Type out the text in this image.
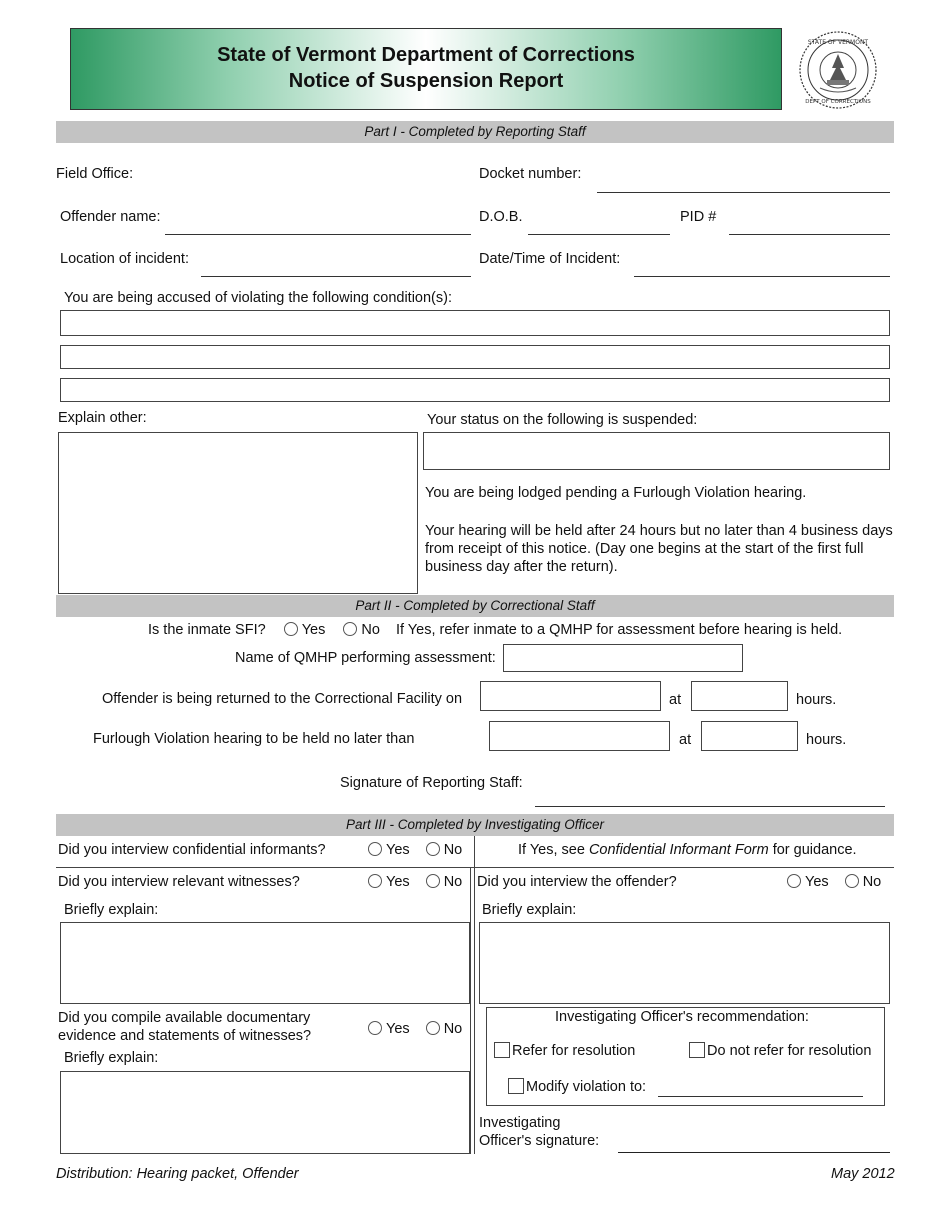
State of Vermont Department of Corrections
Notice of Suspension Report
STATE OF VERMONT
DEPT OF CORRECTIONS
Part I - Completed by Reporting Staff
Field Office:	Docket number:
Offender name:	D.O.B.	PID #
Location of incident:	Date/Time of Incident:
You are being accused of violating the following condition(s):
Explain other:	Your status on the following is suspended:
You are being lodged pending a Furlough Violation hearing.
Your hearing will be held after 24 hours but no later than 4 business days from receipt of this notice. (Day one begins at the start of the first full business day after the return).
Part II - Completed by Correctional Staff
Is the inmate SFI? Yes No If Yes, refer inmate to a QMHP for assessment before hearing is held.
Name of QMHP performing assessment:
Offender is being returned to the Correctional Facility on	at	hours.
Furlough Violation hearing to be held no later than	at	hours.
Signature of Reporting Staff:
Part III - Completed by Investigating Officer
Did you interview confidential informants?	Yes No	If Yes, see Confidential Informant Form for guidance.
Did you interview relevant witnesses?	Yes No Did you interview the offender?	Yes No
Briefly explain:	Briefly explain:
Did you compile available documentary
evidence and statements of witnesses?	Yes No
Briefly explain:
Investigating Officer's recommendation:
Refer for resolution	Do not refer for resolution
Modify violation to:
Investigating
Officer's signature:
Distribution: Hearing packet, Offender	May 2012
